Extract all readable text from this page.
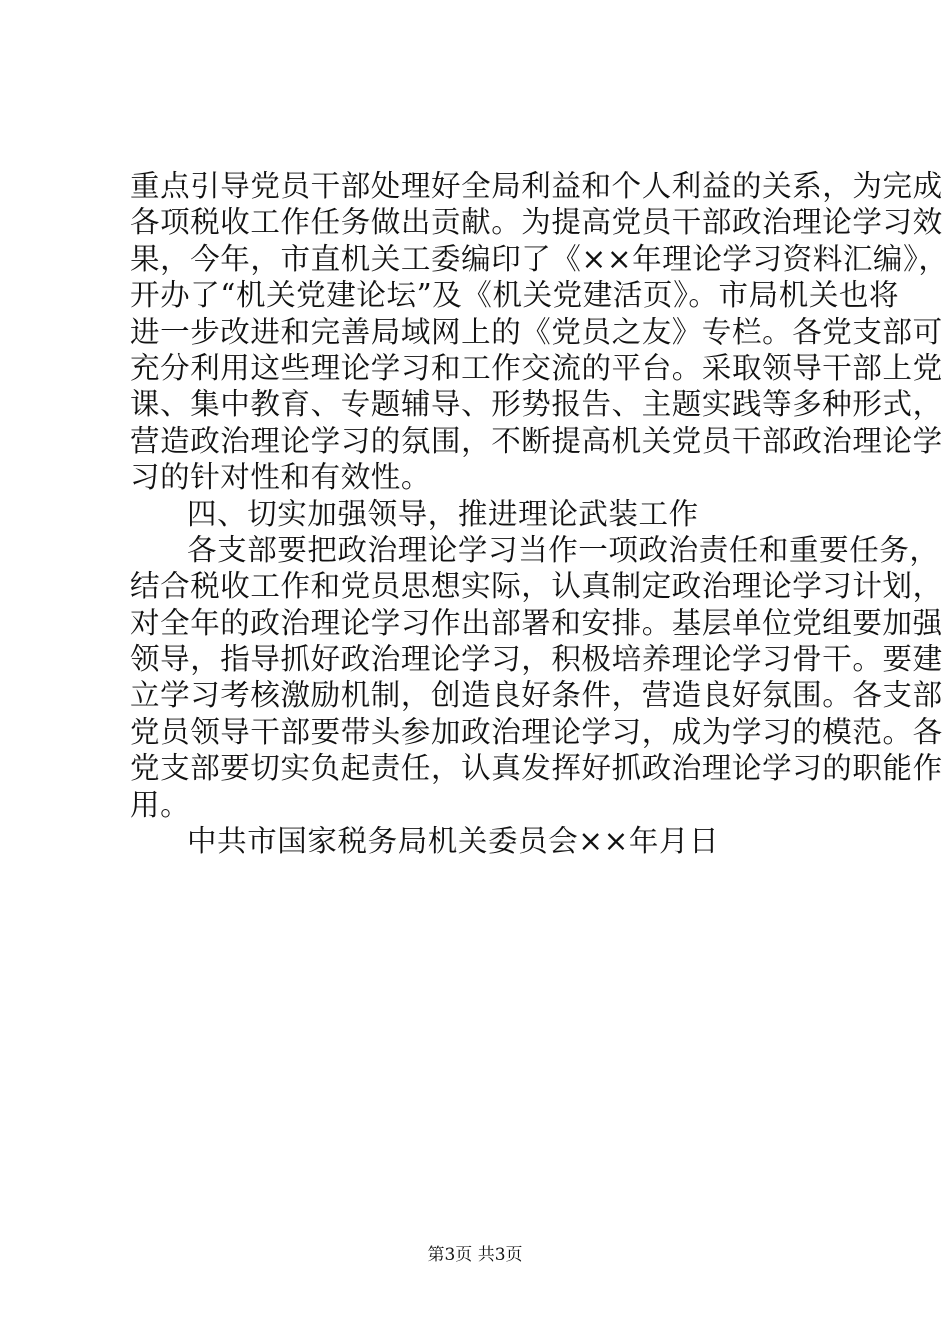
重点引导党员干部处理好全局利益和个人利益的关系，为完成
各项税收工作任务做出贡献。为提高党员干部政治理论学习效
果，今年，市直机关工委编印了《××年理论学习资料汇编》，
开办了“机关党建论坛”及《机关党建活页》。市局机关也将
进一步改进和完善局域网上的《党员之友》专栏。各党支部可
充分利用这些理论学习和工作交流的平台。采取领导干部上党
课、集中教育、专题辅导、形势报告、主题实践等多种形式，
营造政治理论学习的氛围，不断提高机关党员干部政治理论学
习的针对性和有效性。
四、切实加强领导，推进理论武装工作
各支部要把政治理论学习当作一项政治责任和重要任务，
结合税收工作和党员思想实际，认真制定政治理论学习计划，
对全年的政治理论学习作出部署和安排。基层单位党组要加强
领导，指导抓好政治理论学习，积极培养理论学习骨干。要建
立学习考核激励机制，创造良好条件，营造良好氛围。各支部
党员领导干部要带头参加政治理论学习，成为学习的模范。各
党支部要切实负起责任，认真发挥好抓政治理论学习的职能作
用。
中共市国家税务局机关委员会××年月日
第3页 共3页
